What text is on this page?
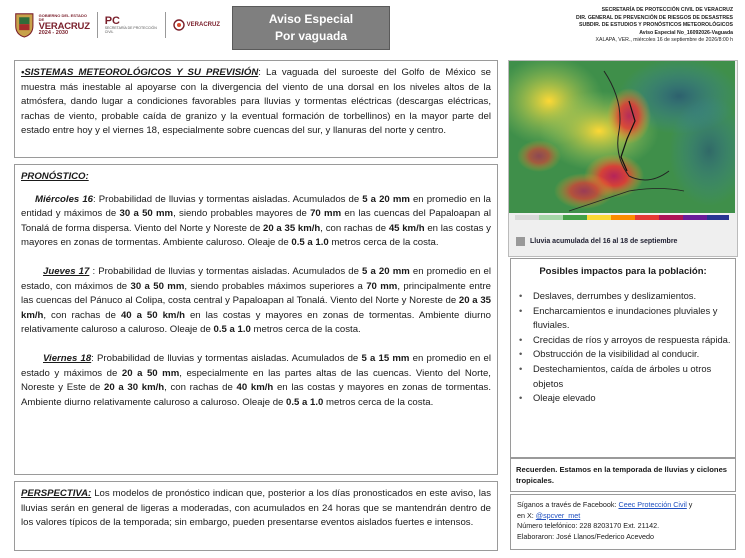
GOBIERNO DEL ESTADO DE
VERACRUZ
2024 - 2030
PC
SECRETARÍA DE PROTECCIÓN CIVIL
VERACRUZ	Aviso Especial
Por vaguada
SECRETARÍA DE PROTECCIÓN CIVIL DE VERACRUZ
DIR. GENERAL DE PREVENCIÓN DE RIESGOS DE DESASTRES
SUBDIR. DE ESTUDIOS Y PRONÓSTICOS METEOROLÓGICOS
Aviso Especial No_16092026-Vaguada
XALAPA, VER., miércoles 16 de septiembre de 2026/8:00 h

•SISTEMAS METEOROLÓGICOS Y SU PREVISIÓN: La vaguada del suroeste del Golfo de México se muestra más inestable al apoyarse con la divergencia del viento de una dorsal en los niveles altos de la atmósfera, dando lugar a condiciones favorables para lluvias y tormentas eléctricas (descargas eléctricas, rachas de viento, probable caída de granizo y la eventual formación de torbellinos) en la mayor parte del estado entre hoy y el viernes 18, especialmente sobre cuencas del sur, y llanuras del norte y centro.

PRONÓSTICO:

Miércoles 16: Probabilidad de lluvias y tormentas aisladas. Acumulados de 5 a 20 mm en promedio en la entidad y máximos de 30 a 50 mm, siendo probables mayores de 70 mm en las cuencas del Papaloapan al Tonalá de forma dispersa. Viento del Norte y Noreste de 20 a 35 km/h, con rachas de 45 km/h en las costas y mayores en zonas de tormentas. Ambiente caluroso. Oleaje de 0.5 a 1.0 metros cerca de la costa.

Jueves 17 : Probabilidad de lluvias y tormentas aisladas. Acumulados de 5 a 20 mm en promedio en el estado, con máximos de 30 a 50 mm, siendo probables máximos superiores a 70 mm, principalmente entre las cuencas del Pánuco al Colipa, costa central y Papaloapan al Tonalá. Viento del Norte y Noreste de 20 a 35 km/h, con rachas de 40 a 50 km/h en las costas y mayores en zonas de tormentas. Ambiente diurno relativamente caluroso a caluroso. Oleaje de 0.5 a 1.0 metros cerca de la costa.

Viernes 18: Probabilidad de lluvias y tormentas aisladas. Acumulados de 5 a 15 mm en promedio en el estado y máximos de 20 a 50 mm, especialmente en las partes altas de las cuencas. Viento del Norte, Noreste y Este de 20 a 30 km/h, con rachas de 40 km/h en las costas y mayores en zonas de tormentas. Ambiente diurno relativamente caluroso a caluroso. Oleaje de 0.5 a 1.0 metros cerca de la costa.

PERSPECTIVA: Los modelos de pronóstico indican que, posterior a los días pronosticados en este aviso, las lluvias serán en general de ligeras a moderadas, con acumulados en 24 horas que se mantendrán dentro de los valores típicos de la temporada; sin embargo, pueden presentarse eventos aislados fuertes e intensos.

Lluvia acumulada del 16 al 18 de septiembre
Posibles impactos para la población:
• Deslaves, derrumbes y deslizamientos.
• Encharcamientos e inundaciones pluviales y fluviales.
• Crecidas de ríos y arroyos de respuesta rápida.
• Obstrucción de la visibilidad al conducir.
• Destechamientos, caída de árboles u otros objetos
• Oleaje elevado
Recuerden. Estamos en la temporada de lluvias y ciclones tropicales.
Síganos a través de Facebook: Ceec Protección Civil y
en X: @spcver_met
Número telefónico: 228 8203170 Ext. 21142.
Elaboraron: José Llanos/Federico Acevedo
